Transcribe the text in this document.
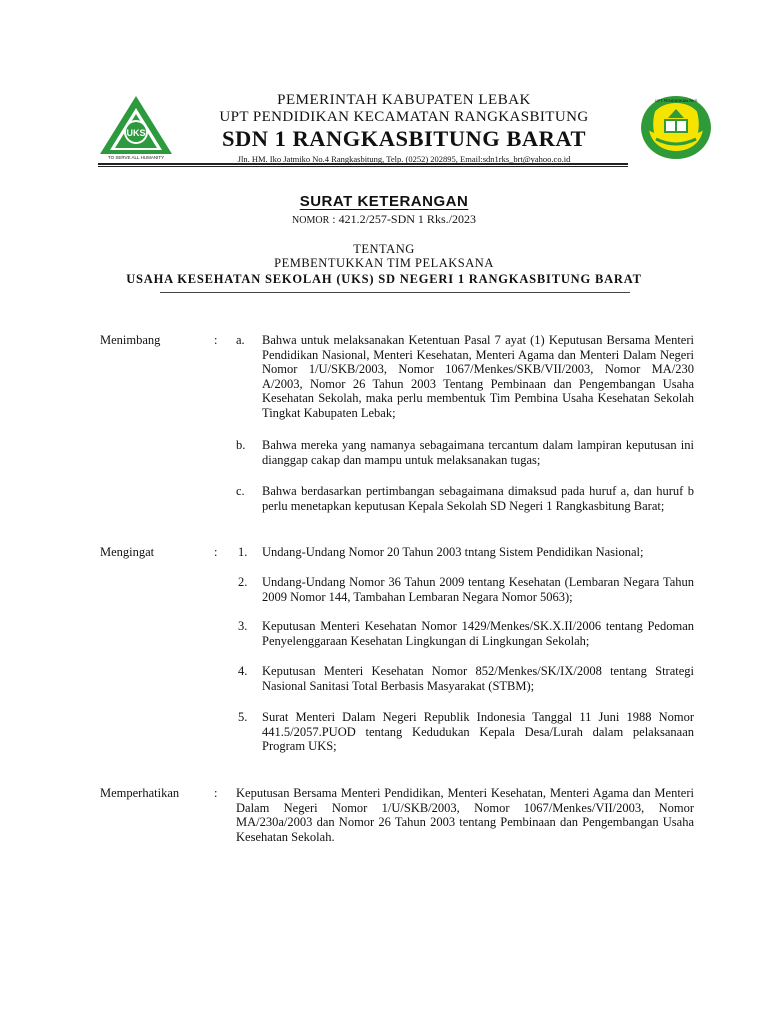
UKS
TO SERVE ALL HUMANITY
UPT PENDIDIKAN RKS
PEMERINTAH KABUPATEN LEBAK
UPT PENDIDIKAN KECAMATAN RANGKASBITUNG
SDN 1 RANGKASBITUNG BARAT
Jln. HM. Iko Jatmiko No.4 Rangkasbitung, Telp. (0252) 202895, Email:sdn1rks_brt@yahoo.co.id
SURAT KETERANGAN
NOMOR : 421.2/257-SDN 1 Rks./2023
TENTANG
PEMBENTUKKAN TIM PELAKSANA
USAHA KESEHATAN SEKOLAH (UKS) SD NEGERI 1 RANGKASBITUNG BARAT
Menimbang	: a. Bahwa untuk melaksanakan Ketentuan Pasal 7 ayat (1) Keputusan Bersama Menteri Pendidikan Nasional, Menteri Kesehatan, Menteri Agama dan Menteri Dalam Negeri Nomor 1/U/SKB/2003, Nomor 1067/Menkes/SKB/VII/2003, Nomor MA/230 A/2003, Nomor 26 Tahun 2003 Tentang Pembinaan dan Pengembangan Usaha Kesehatan Sekolah, maka perlu membentuk Tim Pembina Usaha Kesehatan Sekolah Tingkat Kabupaten Lebak;
b. Bahwa mereka yang namanya sebagaimana tercantum dalam lampiran keputusan ini dianggap cakap dan mampu untuk melaksanakan tugas;
c. Bahwa berdasarkan pertimbangan sebagaimana dimaksud pada huruf a, dan huruf b perlu menetapkan keputusan Kepala Sekolah SD Negeri 1 Rangkasbitung Barat;
Mengingat	: 1. Undang-Undang Nomor 20 Tahun 2003 tntang Sistem Pendidikan Nasional;
2. Undang-Undang Nomor 36 Tahun 2009 tentang Kesehatan (Lembaran Negara Tahun 2009 Nomor 144, Tambahan Lembaran Negara Nomor 5063);
3. Keputusan Menteri Kesehatan Nomor 1429/Menkes/SK.X.II/2006 tentang Pedoman Penyelenggaraan Kesehatan Lingkungan di Lingkungan Sekolah;
4. Keputusan Menteri Kesehatan Nomor 852/Menkes/SK/IX/2008 tentang Strategi Nasional Sanitasi Total Berbasis Masyarakat (STBM);
5. Surat Menteri Dalam Negeri Republik Indonesia Tanggal 11 Juni 1988 Nomor 441.5/2057.PUOD tentang Kedudukan Kepala Desa/Lurah dalam pelaksanaan Program UKS;
Memperhatikan	: Keputusan Bersama Menteri Pendidikan, Menteri Kesehatan, Menteri Agama dan Menteri Dalam Negeri Nomor 1/U/SKB/2003, Nomor 1067/Menkes/VII/2003, Nomor MA/230a/2003 dan Nomor 26 Tahun 2003 tentang Pembinaan dan Pengembangan Usaha Kesehatan Sekolah.
